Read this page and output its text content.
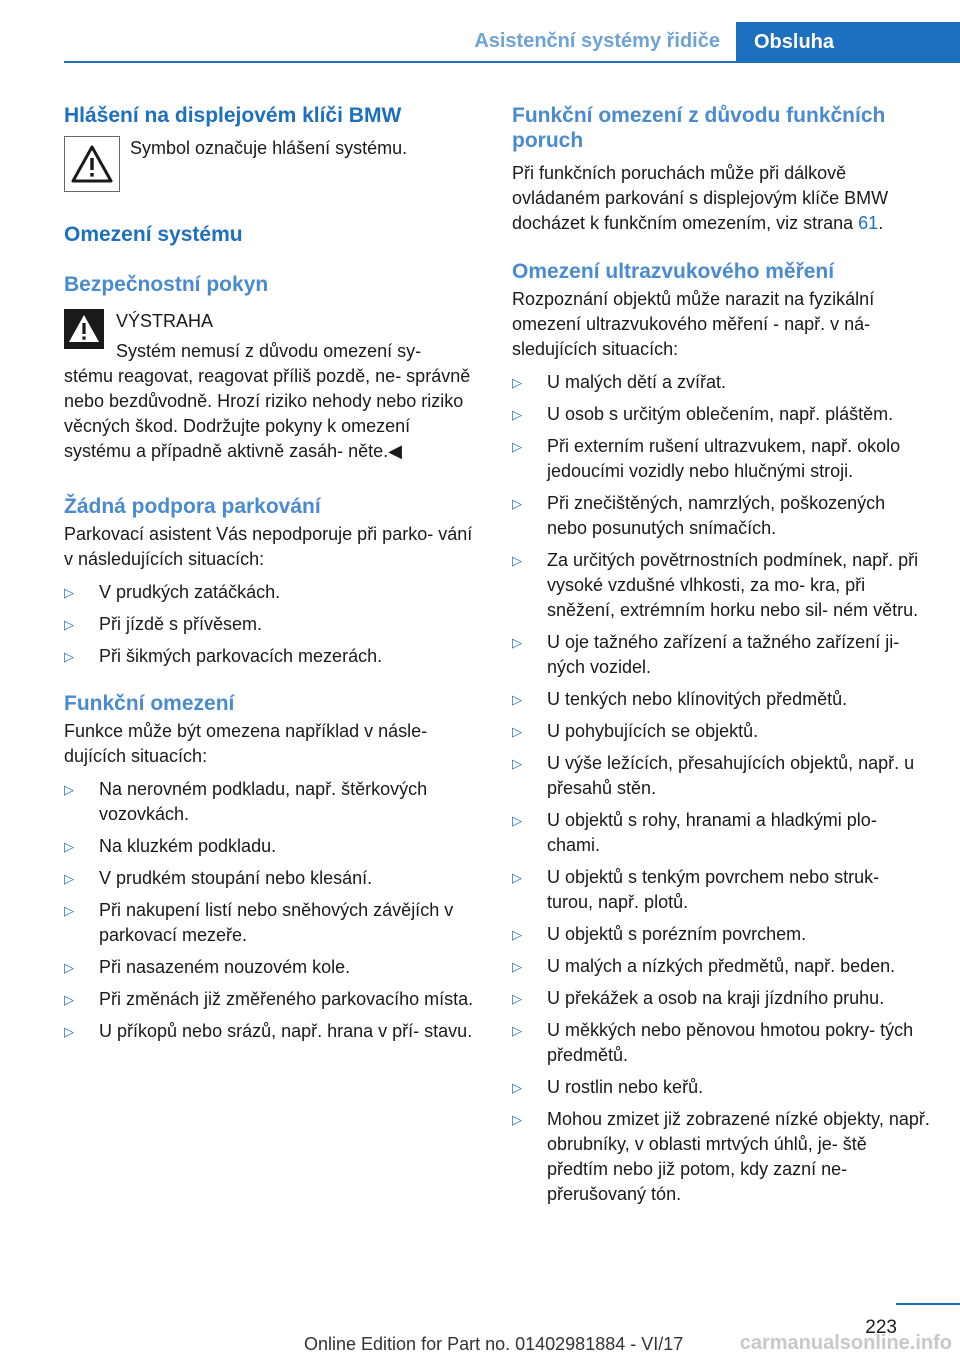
Asistenční systémy řidiče	Obsluha
Hlášení na displejovém klíči BMW
Symbol označuje hlášení systému.
Omezení systému
Bezpečnostní pokyn
VÝSTRAHA
Systém nemusí z důvodu omezení sy‐
stému reagovat, reagovat příliš pozdě, ne‐ správně nebo bezdůvodně. Hrozí riziko nehody nebo riziko věcných škod. Dodržujte pokyny k omezení systému a případně aktivně zasáh‐ něte.◀
Žádná podpora parkování
Parkovací asistent Vás nepodporuje při parko‐ vání v následujících situacích:
▷ V prudkých zatáčkách.
▷ Při jízdě s přívěsem.
▷ Při šikmých parkovacích mezerách.
Funkční omezení
Funkce může být omezena například v násle‐ dujících situacích:
▷ Na nerovném podkladu, např. štěrkových vozovkách.
▷ Na kluzkém podkladu.
▷ V prudkém stoupání nebo klesání.
▷ Při nakupení listí nebo sněhových závějích v parkovací mezeře.
▷ Při nasazeném nouzovém kole.
▷ Při změnách již změřeného parkovacího místa.
▷ U příkopů nebo srázů, např. hrana v pří‐ stavu.
Funkční omezení z důvodu funkčních poruch
Při funkčních poruchách může při dálkově ovládaném parkování s displejovým klíče BMW docházet k funkčním omezením, viz strana 61.
Omezení ultrazvukového měření
Rozpoznání objektů může narazit na fyzikální omezení ultrazvukového měření - např. v ná‐ sledujících situacích:
▷ U malých dětí a zvířat.
▷ U osob s určitým oblečením, např. pláštěm.
▷ Při externím rušení ultrazvukem, např. okolo jedoucími vozidly nebo hlučnými stroji.
▷ Při znečištěných, namrzlých, poškozených nebo posunutých snímačích.
▷ Za určitých povětrnostních podmínek, např. při vysoké vzdušné vlhkosti, za mo‐ kra, při sněžení, extrémním horku nebo sil‐ ném větru.
▷ U oje tažného zařízení a tažného zařízení ji‐ ných vozidel.
▷ U tenkých nebo klínovitých předmětů.
▷ U pohybujících se objektů.
▷ U výše ležících, přesahujících objektů, např. u přesahů stěn.
▷ U objektů s rohy, hranami a hladkými plo‐ chami.
▷ U objektů s tenkým povrchem nebo struk‐ turou, např. plotů.
▷ U objektů s porézním povrchem.
▷ U malých a nízkých předmětů, např. beden.
▷ U překážek a osob na kraji jízdního pruhu.
▷ U měkkých nebo pěnovou hmotou pokry‐ tých předmětů.
▷ U rostlin nebo keřů.
▷ Mohou zmizet již zobrazené nízké objekty, např. obrubníky, v oblasti mrtvých úhlů, je‐ ště předtím nebo již potom, kdy zazní ne‐ přerušovaný tón.
223
Online Edition for Part no. 01402981884 - VI/17	carmanualsonline.info
